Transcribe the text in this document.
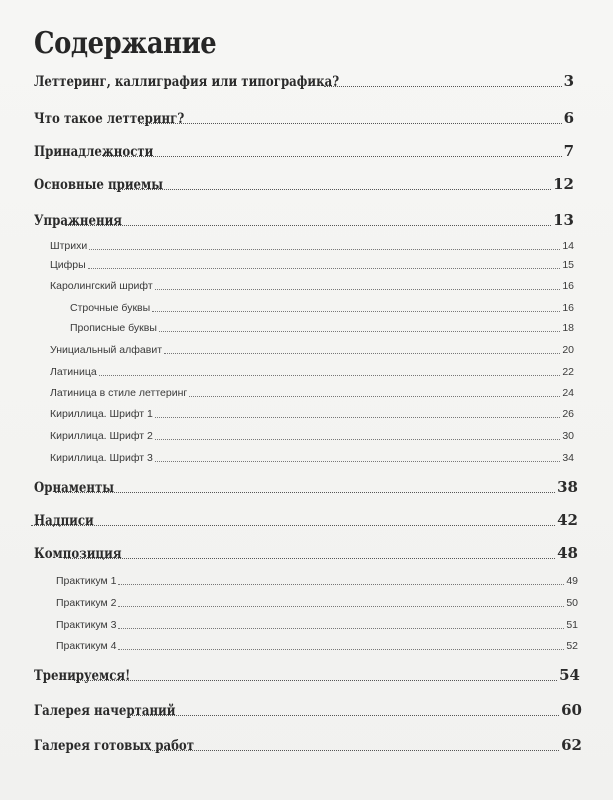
Содержание
Леттеринг, каллиграфия или типографика?	3
Что такое леттеринг?	6
Принадлежности	7
Основные приемы	12
Упражнения	13
Штрихи	14
Цифры	15
Каролингский шрифт	16
Строчные буквы	16
Прописные буквы	18
Унициальный алфавит	20
Латиница	22
Латиница в стиле леттеринг	24
Кириллица. Шрифт 1	26
Кириллица. Шрифт 2	30
Кириллица. Шрифт 3	34
Орнаменты	38
Надписи	42
Композиция	48
Практикум 1	49
Практикум 2	50
Практикум 3	51
Практикум 4	52
Тренируемся!	54
Галерея начертаний	60
Галерея готовых работ	62
